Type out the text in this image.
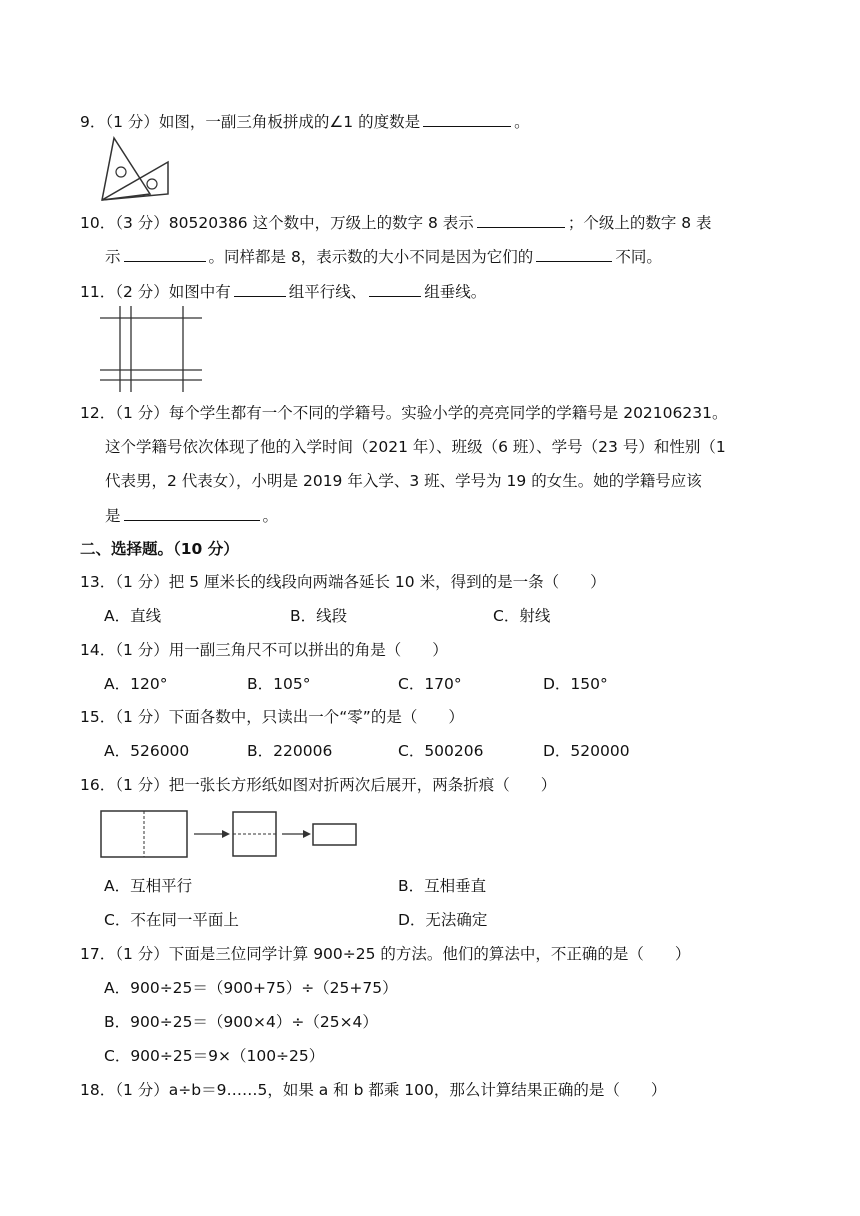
9．（1 分）如图，一副三角板拼成的∠1 的度数是	。
10．（3 分）80520386 这个数中，万级上的数字 8 表示	；个级上的数字 8 表
示	。同样都是 8，表示数的大小不同是因为它们的	不同。
11．（2 分）如图中有	组平行线、	组垂线。
12．（1 分）每个学生都有一个不同的学籍号。实验小学的亮亮同学的学籍号是 202106231。
这个学籍号依次体现了他的入学时间（2021 年）、班级（6 班）、学号（23 号）和性别（1
代表男，2 代表女），小明是 2019 年入学、3 班、学号为 19 的女生。她的学籍号应该
是	。
二、选择题。（10 分）
13．（1 分）把 5 厘米长的线段向两端各延长 10 米，得到的是一条（　　）
A．直线	B．线段	C．射线
14．（1 分）用一副三角尺不可以拼出的角是（　　）
A．120°	B．105°	C．170°	D．150°
15．（1 分）下面各数中，只读出一个“零”的是（　　）
A．526000	B．220006	C．500206	D．520000
16．（1 分）把一张长方形纸如图对折两次后展开，两条折痕（　　）
A．互相平行	B．互相垂直
C．不在同一平面上	D．无法确定
17．（1 分）下面是三位同学计算 900÷25 的方法。他们的算法中，不正确的是（　　）
A．900÷25＝（900+75）÷（25+75）
B．900÷25＝（900×4）÷（25×4）
C．900÷25＝9×（100÷25）
18．（1 分）a÷b＝9……5，如果 a 和 b 都乘 100，那么计算结果正确的是（　　）
